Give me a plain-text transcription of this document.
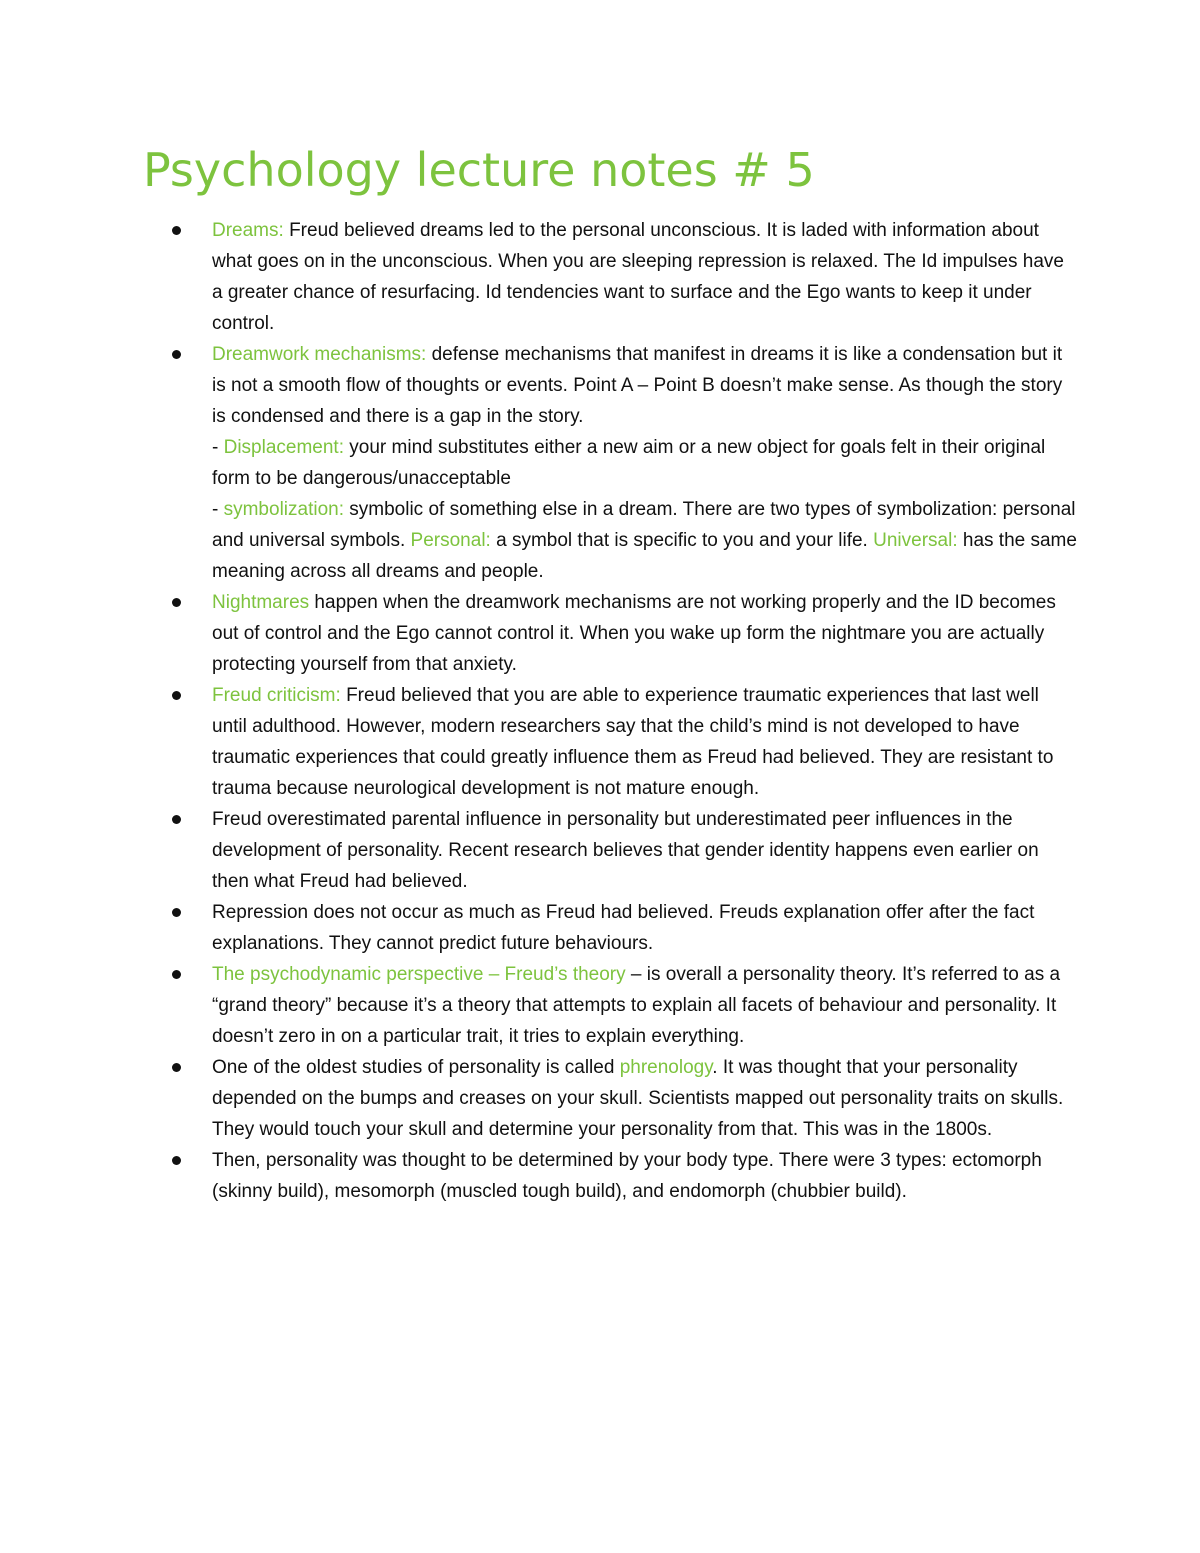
Psychology lecture notes # 5
Dreams: Freud believed dreams led to the personal unconscious. It is laded with information about what goes on in the unconscious. When you are sleeping repression is relaxed. The Id impulses have a greater chance of resurfacing. Id tendencies want to surface and the Ego wants to keep it under control.
Dreamwork mechanisms: defense mechanisms that manifest in dreams it is like a condensation but it is not a smooth flow of thoughts or events. Point A – Point B doesn’t make sense. As though the story is condensed and there is a gap in the story.
- Displacement: your mind substitutes either a new aim or a new object for goals felt in their original form to be dangerous/unacceptable
- symbolization: symbolic of something else in a dream. There are two types of symbolization: personal and universal symbols. Personal: a symbol that is specific to you and your life. Universal: has the same meaning across all dreams and people.
Nightmares happen when the dreamwork mechanisms are not working properly and the ID becomes out of control and the Ego cannot control it. When you wake up form the nightmare you are actually protecting yourself from that anxiety.
Freud criticism: Freud believed that you are able to experience traumatic experiences that last well until adulthood. However, modern researchers say that the child’s mind is not developed to have traumatic experiences that could greatly influence them as Freud had believed. They are resistant to trauma because neurological development is not mature enough.
Freud overestimated parental influence in personality but underestimated peer influences in the development of personality. Recent research believes that gender identity happens even earlier on then what Freud had believed.
Repression does not occur as much as Freud had believed. Freuds explanation offer after the fact explanations. They cannot predict future behaviours.
The psychodynamic perspective – Freud’s theory – is overall a personality theory. It’s referred to as a “grand theory” because it’s a theory that attempts to explain all facets of behaviour and personality. It doesn’t zero in on a particular trait, it tries to explain everything.
One of the oldest studies of personality is called phrenology. It was thought that your personality depended on the bumps and creases on your skull. Scientists mapped out personality traits on skulls. They would touch your skull and determine your personality from that. This was in the 1800s.
Then, personality was thought to be determined by your body type. There were 3 types: ectomorph (skinny build), mesomorph (muscled tough build), and endomorph (chubbier build).
